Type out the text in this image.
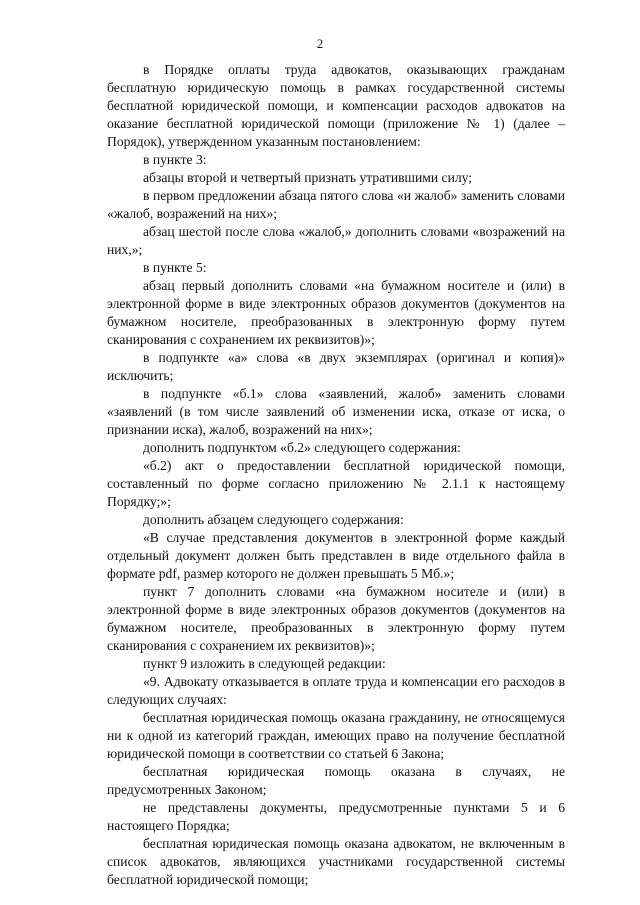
2

в Порядке оплаты труда адвокатов, оказывающих гражданам бесплатную юридическую помощь в рамках государственной системы бесплатной юридической помощи, и компенсации расходов адвокатов на оказание бесплатной юридической помощи (приложение № 1) (далее – Порядок), утвержденном указанным постановлением:

в пункте 3:

абзацы второй и четвертый признать утратившими силу;

в первом предложении абзаца пятого слова «и жалоб» заменить словами «жалоб, возражений на них»;

абзац шестой после слова «жалоб,» дополнить словами «возражений на них,»;

в пункте 5:

абзац первый дополнить словами «на бумажном носителе и (или) в электронной форме в виде электронных образов документов (документов на бумажном носителе, преобразованных в электронную форму путем сканирования с сохранением их реквизитов)»;

в подпункте «а» слова «в двух экземплярах (оригинал и копия)» исключить;

в подпункте «б.1» слова «заявлений, жалоб» заменить словами «заявлений (в том числе заявлений об изменении иска, отказе от иска, о признании иска), жалоб, возражений на них»;

дополнить подпунктом «б.2» следующего содержания:

«б.2) акт о предоставлении бесплатной юридической помощи, составленный по форме согласно приложению № 2.1.1 к настоящему Порядку;»;

дополнить абзацем следующего содержания:

«В случае представления документов в электронной форме каждый отдельный документ должен быть представлен в виде отдельного файла в формате pdf, размер которого не должен превышать 5 Мб.»;

пункт 7 дополнить словами «на бумажном носителе и (или) в электронной форме в виде электронных образов документов (документов на бумажном носителе, преобразованных в электронную форму путем сканирования с сохранением их реквизитов)»;

пункт 9 изложить в следующей редакции:

«9. Адвокату отказывается в оплате труда и компенсации его расходов в следующих случаях:

бесплатная юридическая помощь оказана гражданину, не относящемуся ни к одной из категорий граждан, имеющих право на получение бесплатной юридической помощи в соответствии со статьей 6 Закона;

бесплатная юридическая помощь оказана в случаях, не предусмотренных Законом;

не представлены документы, предусмотренные пунктами 5 и 6 настоящего Порядка;

бесплатная юридическая помощь оказана адвокатом, не включенным в список адвокатов, являющихся участниками государственной системы бесплатной юридической помощи;
